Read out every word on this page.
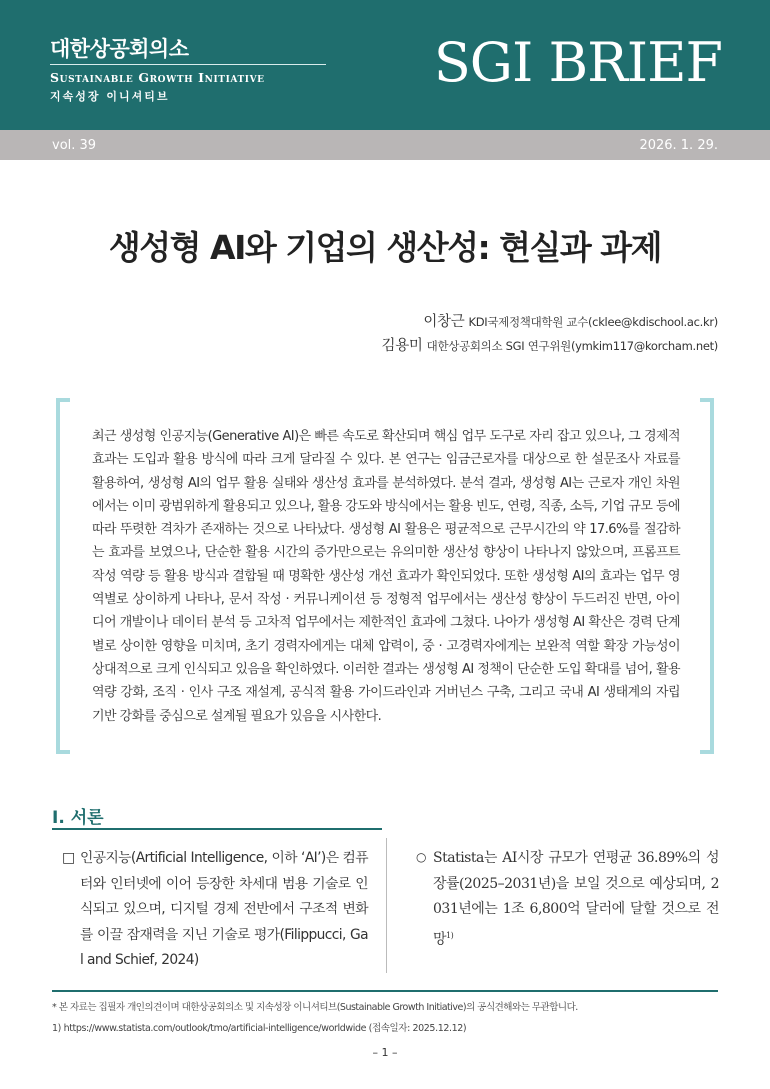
대한상공회의소
Sustainable Growth Initiative
지속성장 이니셔티브
SGI BRIEF
vol. 39	2026. 1. 29.
생성형 AI와 기업의 생산성: 현실과 과제
이창근 KDI국제정책대학원 교수(cklee@kdischool.ac.kr)
김용미 대한상공회의소 SGI 연구위원(ymkim117@korcham.net)
최근 생성형 인공지능(Generative AI)은 빠른 속도로 확산되며 핵심 업무 도구로 자리 잡고 있으나, 그 경제적 효과는 도입과 활용 방식에 따라 크게 달라질 수 있다. 본 연구는 임금근로자를 대상으로 한 설문조사 자료를 활용하여, 생성형 AI의 업무 활용 실태와 생산성 효과를 분석하였다. 분석 결과, 생성형 AI는 근로자 개인 차원에서는 이미 광범위하게 활용되고 있으나, 활용 강도와 방식에서는 활용 빈도, 연령, 직종, 소득, 기업 규모 등에 따라 뚜렷한 격차가 존재하는 것으로 나타났다. 생성형 AI 활용은 평균적으로 근무시간의 약 17.6%를 절감하는 효과를 보였으나, 단순한 활용 시간의 증가만으로는 유의미한 생산성 향상이 나타나지 않았으며, 프롬프트 작성 역량 등 활용 방식과 결합될 때 명확한 생산성 개선 효과가 확인되었다. 또한 생성형 AI의 효과는 업무 영역별로 상이하게 나타나, 문서 작성 · 커뮤니케이션 등 정형적 업무에서는 생산성 향상이 두드러진 반면, 아이디어 개발이나 데이터 분석 등 고차적 업무에서는 제한적인 효과에 그쳤다. 나아가 생성형 AI 확산은 경력 단계별로 상이한 영향을 미치며, 초기 경력자에게는 대체 압력이, 중 · 고경력자에게는 보완적 역할 확장 가능성이 상대적으로 크게 인식되고 있음을 확인하였다. 이러한 결과는 생성형 AI 정책이 단순한 도입 확대를 넘어, 활용 역량 강화, 조직 · 인사 구조 재설계, 공식적 활용 가이드라인과 거버넌스 구축, 그리고 국내 AI 생태계의 자립 기반 강화를 중심으로 설계될 필요가 있음을 시사한다.
Ⅰ. 서론
□ 인공지능(Artificial Intelligence, 이하 ‘AI’)은 컴퓨터와 인터넷에 이어 등장한 차세대 범용 기술로 인식되고 있으며, 디지털 경제 전반에서 구조적 변화를 이끌 잠재력을 지닌 기술로 평가(Filippucci, Gal and Schief, 2024)
○ Statista는 AI시장 규모가 연평균 36.89%의 성장률(2025–2031년)을 보일 것으로 예상되며, 2031년에는 1조 6,800억 달러에 달할 것으로 전망$^{1)}$
* 본 자료는 집필자 개인의견이며 대한상공회의소 및 지속성장 이니셔티브(Sustainable Growth Initiative)의 공식견해와는 무관합니다.
1) https://www.statista.com/outlook/tmo/artificial-intelligence/worldwide (접속일자: 2025.12.12)
– 1 –
